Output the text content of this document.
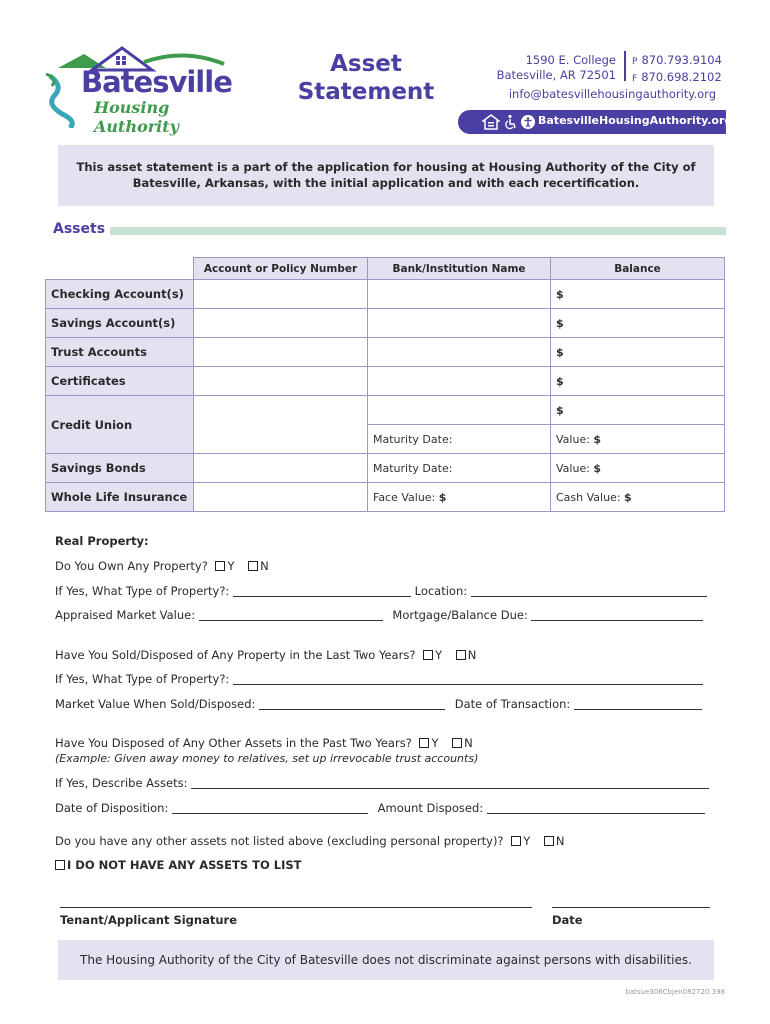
Batesville
Housing Authority
Asset
Statement
1590 E. College
Batesville, AR 72501
P 870.793.9104
F 870.698.2102
info@batesvillehousingauthority.org
BatesvilleHousingAuthority.org
This asset statement is a part of the application for housing at Housing Authority of the City of Batesville, Arkansas, with the initial application and with each recertification.
Assets
	Account or Policy Number	Bank/Institution Name	Balance
Checking Account(s)			$
Savings Account(s)			$
Trust Accounts			$
Certificates			$
Credit Union			$
		Maturity Date:	Value: $
Savings Bonds		Maturity Date:	Value: $
Whole Life Insurance		Face Value: $	Cash Value: $
Real Property:
Do You Own Any Property? Y N
If Yes, What Type of Property?:	Location:
Appraised Market Value:	Mortgage/Balance Due:
Have You Sold/Disposed of Any Property in the Last Two Years? Y N
If Yes, What Type of Property?:
Market Value When Sold/Disposed:	Date of Transaction:
Have You Disposed of Any Other Assets in the Past Two Years? Y N
(Example: Given away money to relatives, set up irrevocable trust accounts)
If Yes, Describe Assets:
Date of Disposition:	Amount Disposed:
Do you have any other assets not listed above (excluding personal property)? Y N
I DO NOT HAVE ANY ASSETS TO LIST
Tenant/Applicant Signature	Date
The Housing Authority of the City of Batesville does not discriminate against persons with disabilities.
batsue306Cbjen082720.398
